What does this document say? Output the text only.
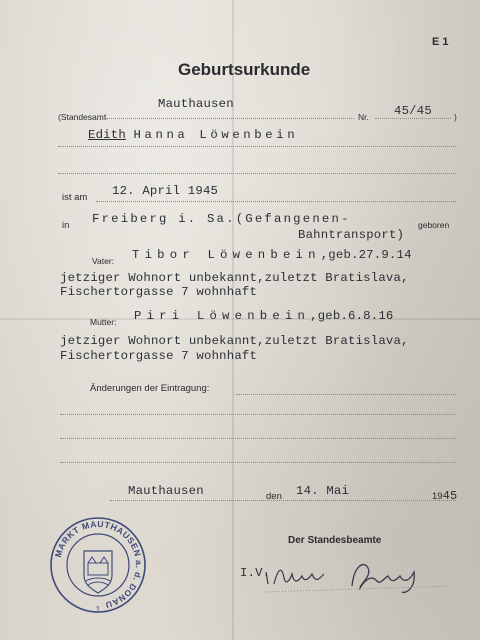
E 1
Geburtsurkunde
(Standesamt
Mauthausen
Nr. 45/45	)
Edith Hanna Löwenbein
ist am 12. April 1945
in Freiberg i. Sa.(Gefangenen-	geboren
Bahntransport)
Vater: Tibor Löwenbein,geb.27.9.14
jetziger Wohnort unbekannt,zuletzt Bratislava,
Fischertorgasse 7 wohnhaft
Mutter: Piri Löwenbein,geb.6.8.16
jetziger Wohnort unbekannt,zuletzt Bratislava,
Fischertorgasse 7 wohnhaft
Änderungen der Eintragung:
Mauthausen	den 14. Mai	1945
Der Standesbeamte
I.V.
MARKT MAUTHAUSEN a. d. DONAU
1
